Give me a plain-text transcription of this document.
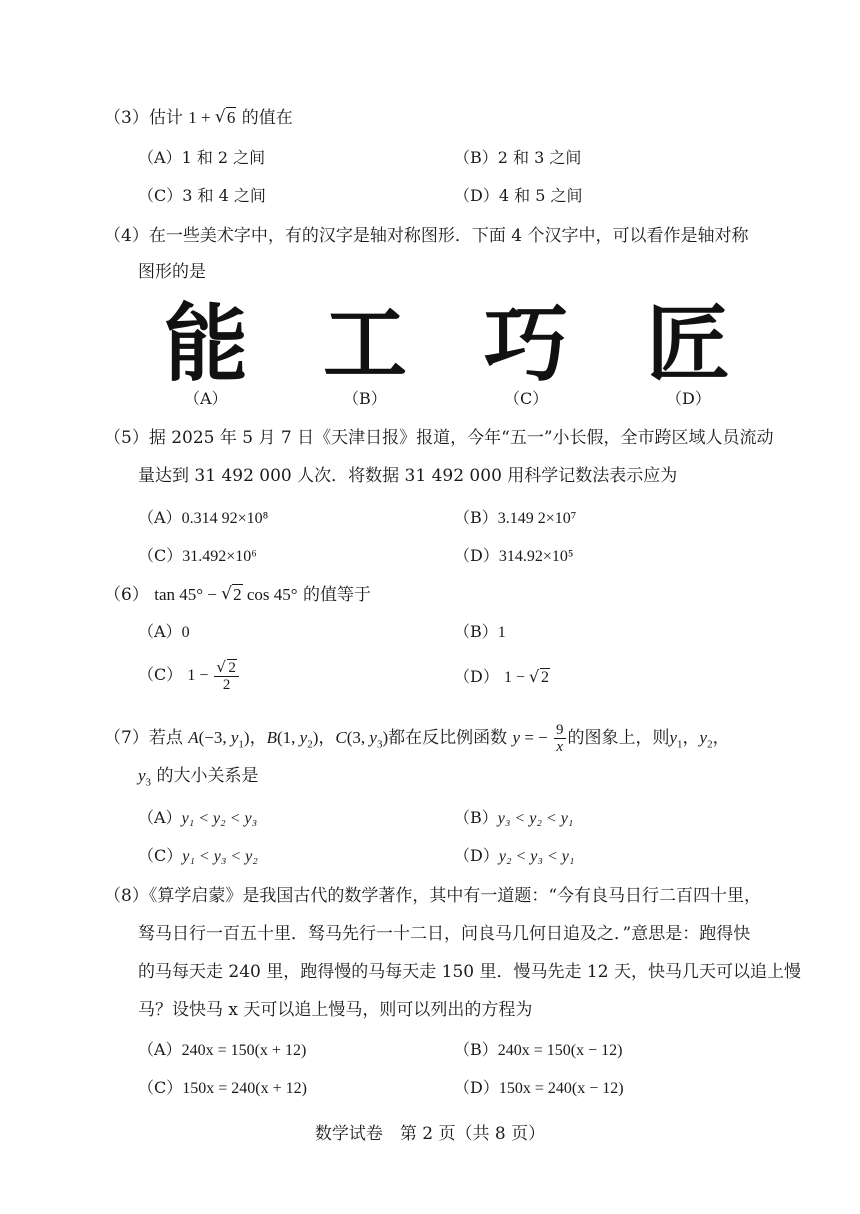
（3）估计 1 + √ 6 的值在
（A）1 和 2 之间	（B）2 和 3 之间
（C）3 和 4 之间	（D）4 和 5 之间
（4）在一些美术字中，有的汉字是轴对称图形．下面 4 个汉字中，可以看作是轴对称
图形的是
能 工 巧 匠
（A）	（B）	（C）	（D）
（5）据 2025 年 5 月 7 日《天津日报》报道，今年“五一”小长假，全市跨区域人员流动
量达到 31 492 000 人次．将数据 31 492 000 用科学记数法表示应为
（A）0.314 92×10⁸	（B）3.149 2×10⁷
（C）31.492×10⁶	（D）314.92×10⁵
（6） tan 45° − √ 2 cos 45° 的值等于
（A）0	（B）1
（C） 1 −
√ $\frac{2}{2}$	（D） 1 − √ 2
（7）若点 A(−3, $y_1$)，B(1, $y_2$)，C(3, $y_3$)都在反比例函数 y = − $\frac{9}{x}$ 的图象上，则$y_1$，$y_2$，
$y_3$ 的大小关系是
（A）y₁ < y₂ < y₃	（B）y₃ < y₂ < y₁
（C）y₁ < y₃ < y₂	（D）y₂ < y₃ < y₁
（8）《算学启蒙》是我国古代的数学著作，其中有一道题：“今有良马日行二百四十里，
驽马日行一百五十里．驽马先行一十二日，问良马几何日追及之．”意思是：跑得快
的马每天走 240 里，跑得慢的马每天走 150 里．慢马先走 12 天，快马几天可以追上慢
马？设快马 x 天可以追上慢马，则可以列出的方程为
（A）240x = 150(x + 12)	（B）240x = 150(x − 12)
（C）150x = 240(x + 12)	（D）150x = 240(x − 12)
数学试卷　第 2 页（共 8 页）
